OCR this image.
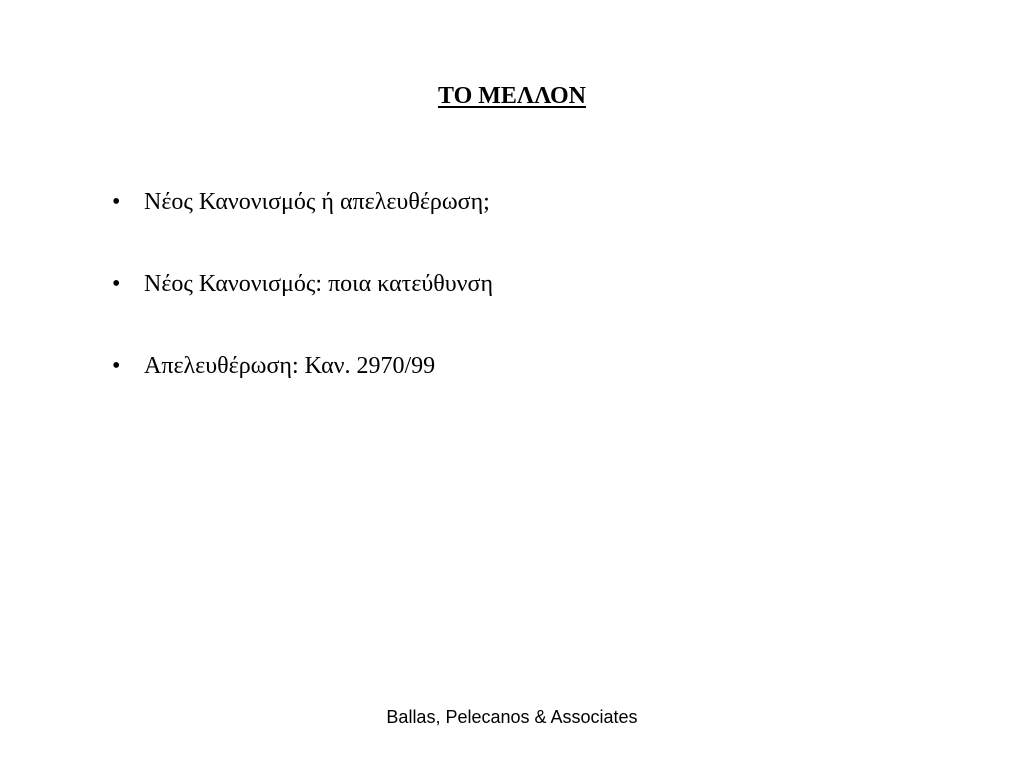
ΤΟ ΜΕΛΛΟΝ
• Νέος Κανονισμός ή απελευθέρωση;
• Νέος Κανονισμός: ποια κατεύθυνση
• Απελευθέρωση: Καν. 2970/99
Ballas, Pelecanos & Associates
